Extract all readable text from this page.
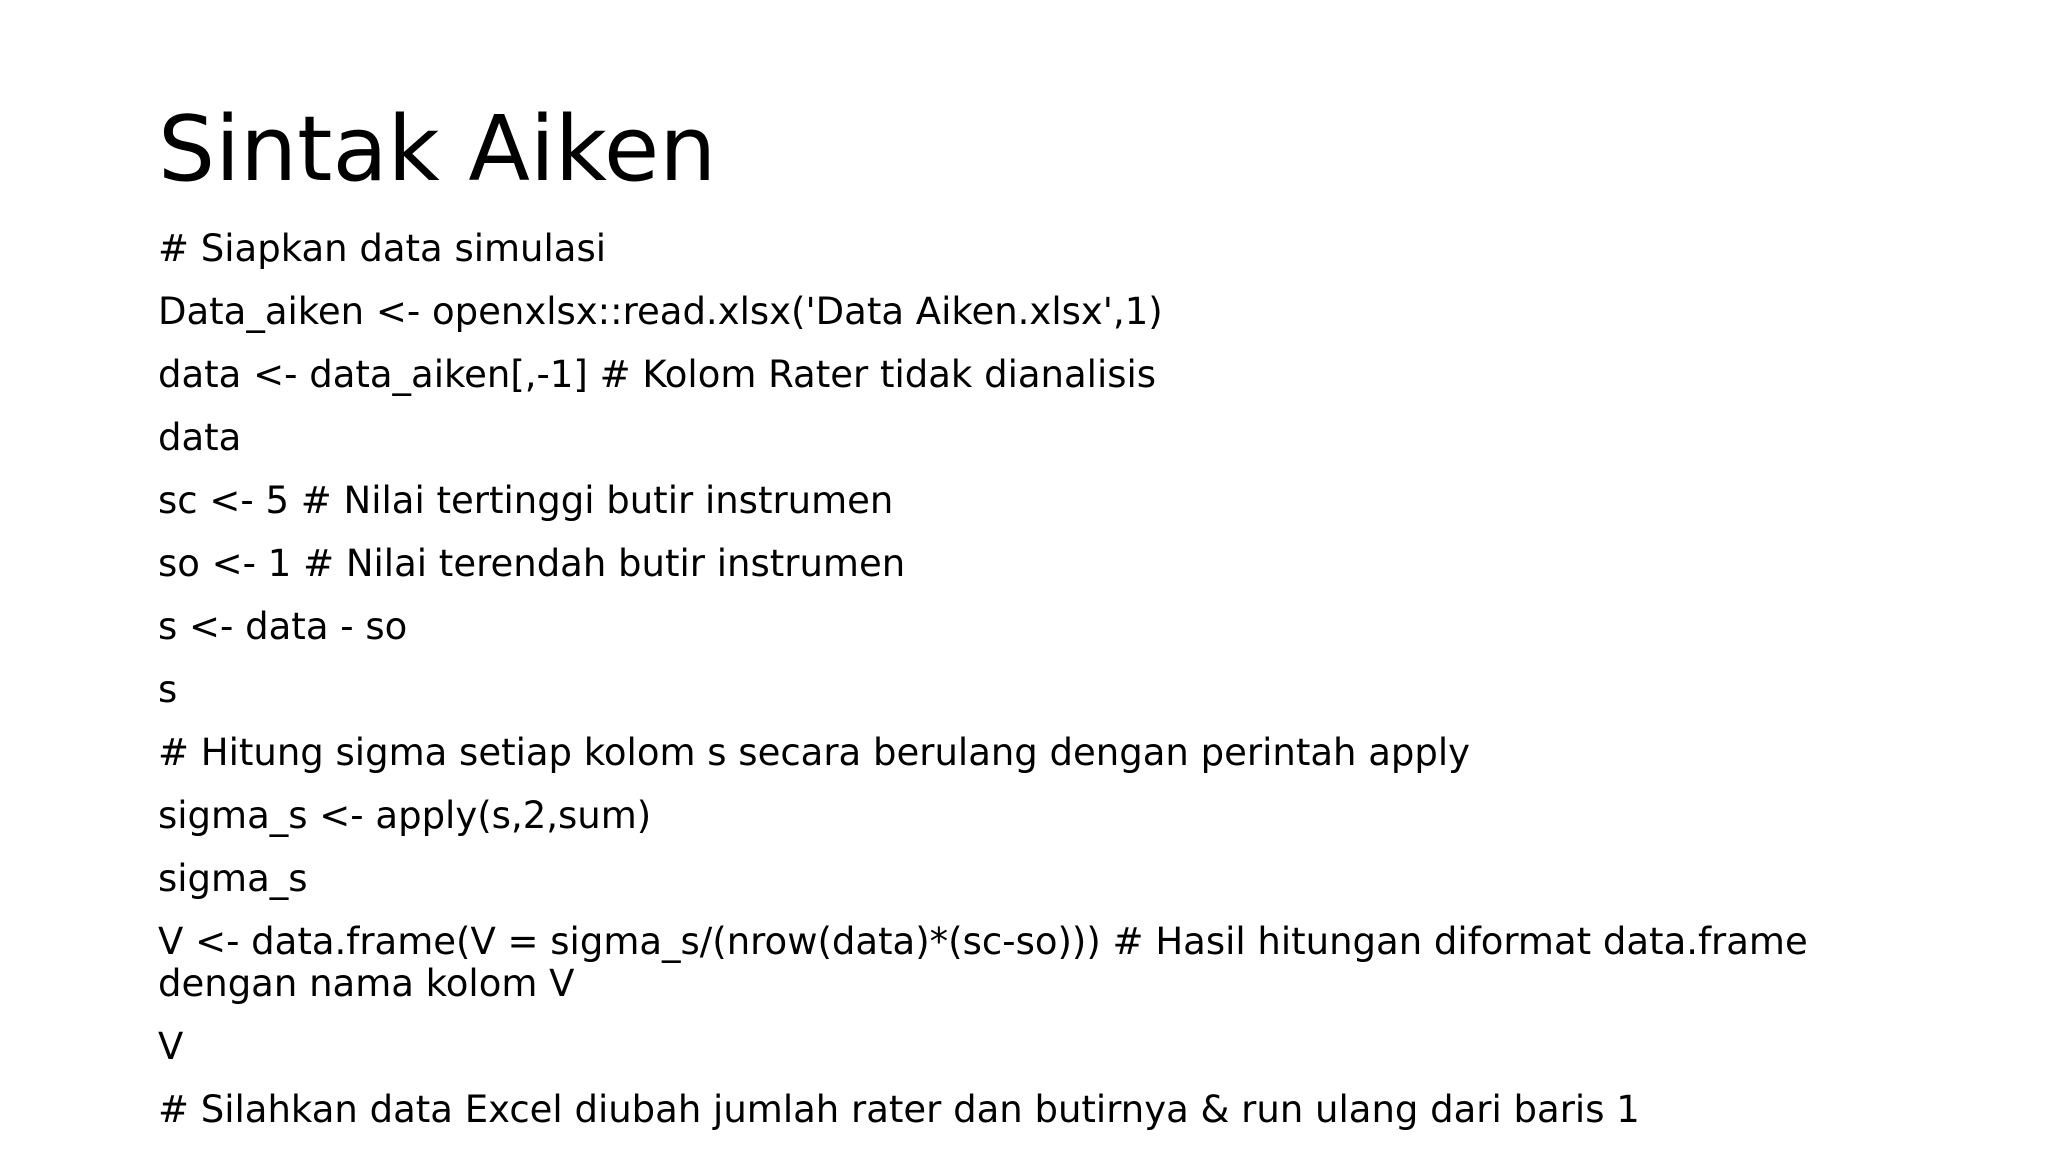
Sintak Aiken
# Siapkan data simulasi
Data_aiken <- openxlsx::read.xlsx('Data Aiken.xlsx',1)
data <- data_aiken[,-1] # Kolom Rater tidak dianalisis
data
sc <- 5 # Nilai tertinggi butir instrumen
so <- 1 # Nilai terendah butir instrumen
s <- data - so
s
# Hitung sigma setiap kolom s secara berulang dengan perintah apply
sigma_s <- apply(s,2,sum)
sigma_s
V <- data.frame(V = sigma_s/(nrow(data)*(sc-so))) # Hasil hitungan diformat data.frame dengan nama kolom V
V
# Silahkan data Excel diubah jumlah rater dan butirnya & run ulang dari baris 1
